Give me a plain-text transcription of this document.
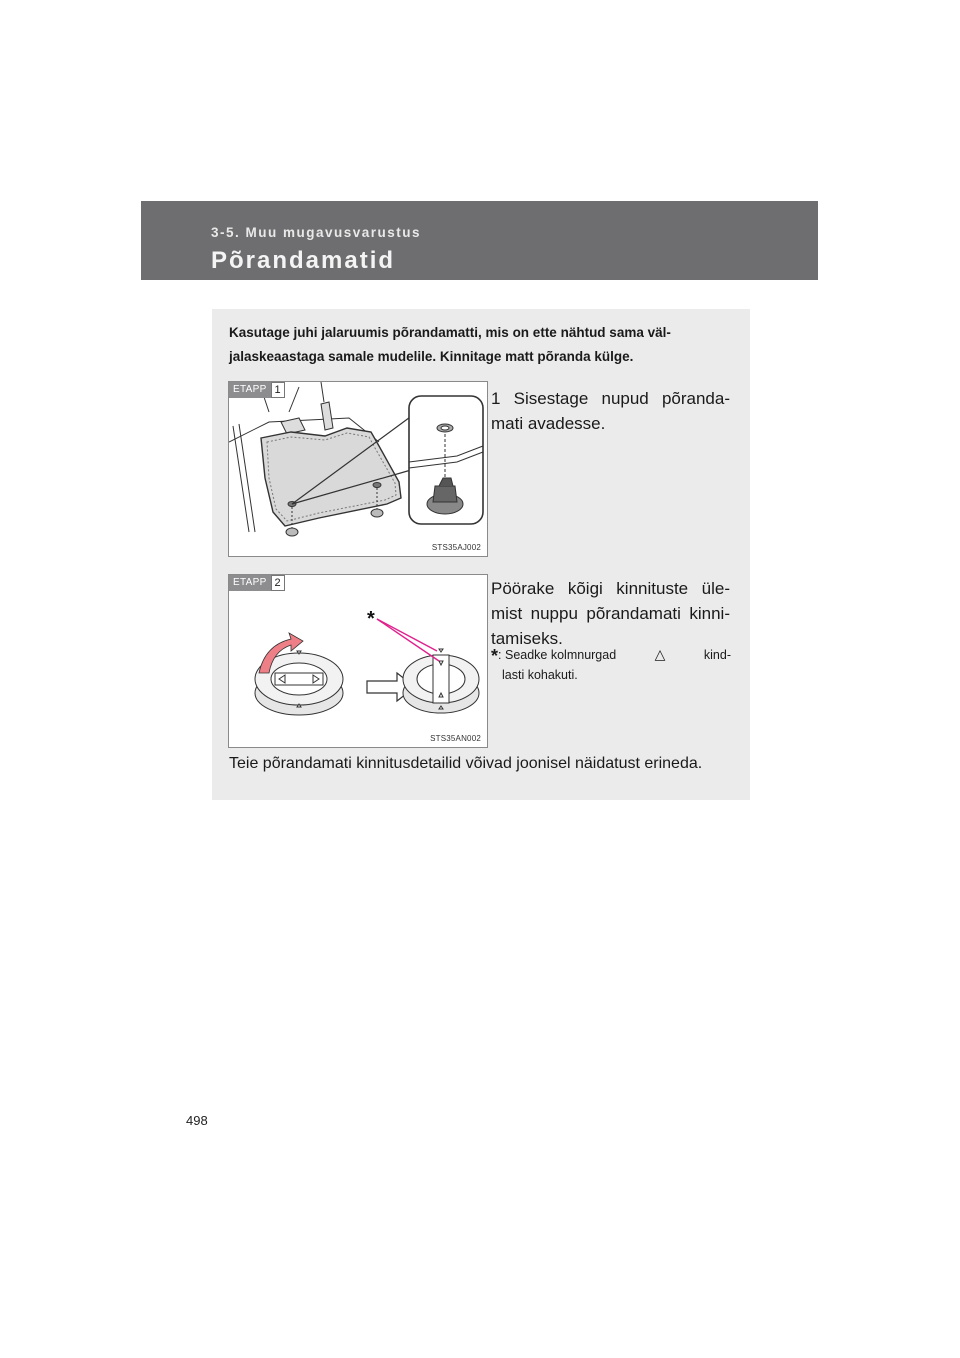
3-5. Muu mugavusvarustus
Põrandamatid
Kasutage juhi jalaruumis põrandamatti, mis on ette nähtud sama väl-jalaskeaastaga samale mudelile. Kinnitage matt põranda külge.
ETAPP 1
STS35AJ002
1 Sisestage nupud põranda-mati avadesse.
*
ETAPP 2
STS35AN002
Pöörake kõigi kinnituste üle-mist nuppu põrandamati kinni-tamiseks.
*: Seadke kolmnurgad	△	kind-
lasti kohakuti.
Teie põrandamati kinnitusdetailid võivad joonisel näidatust erineda.
498
